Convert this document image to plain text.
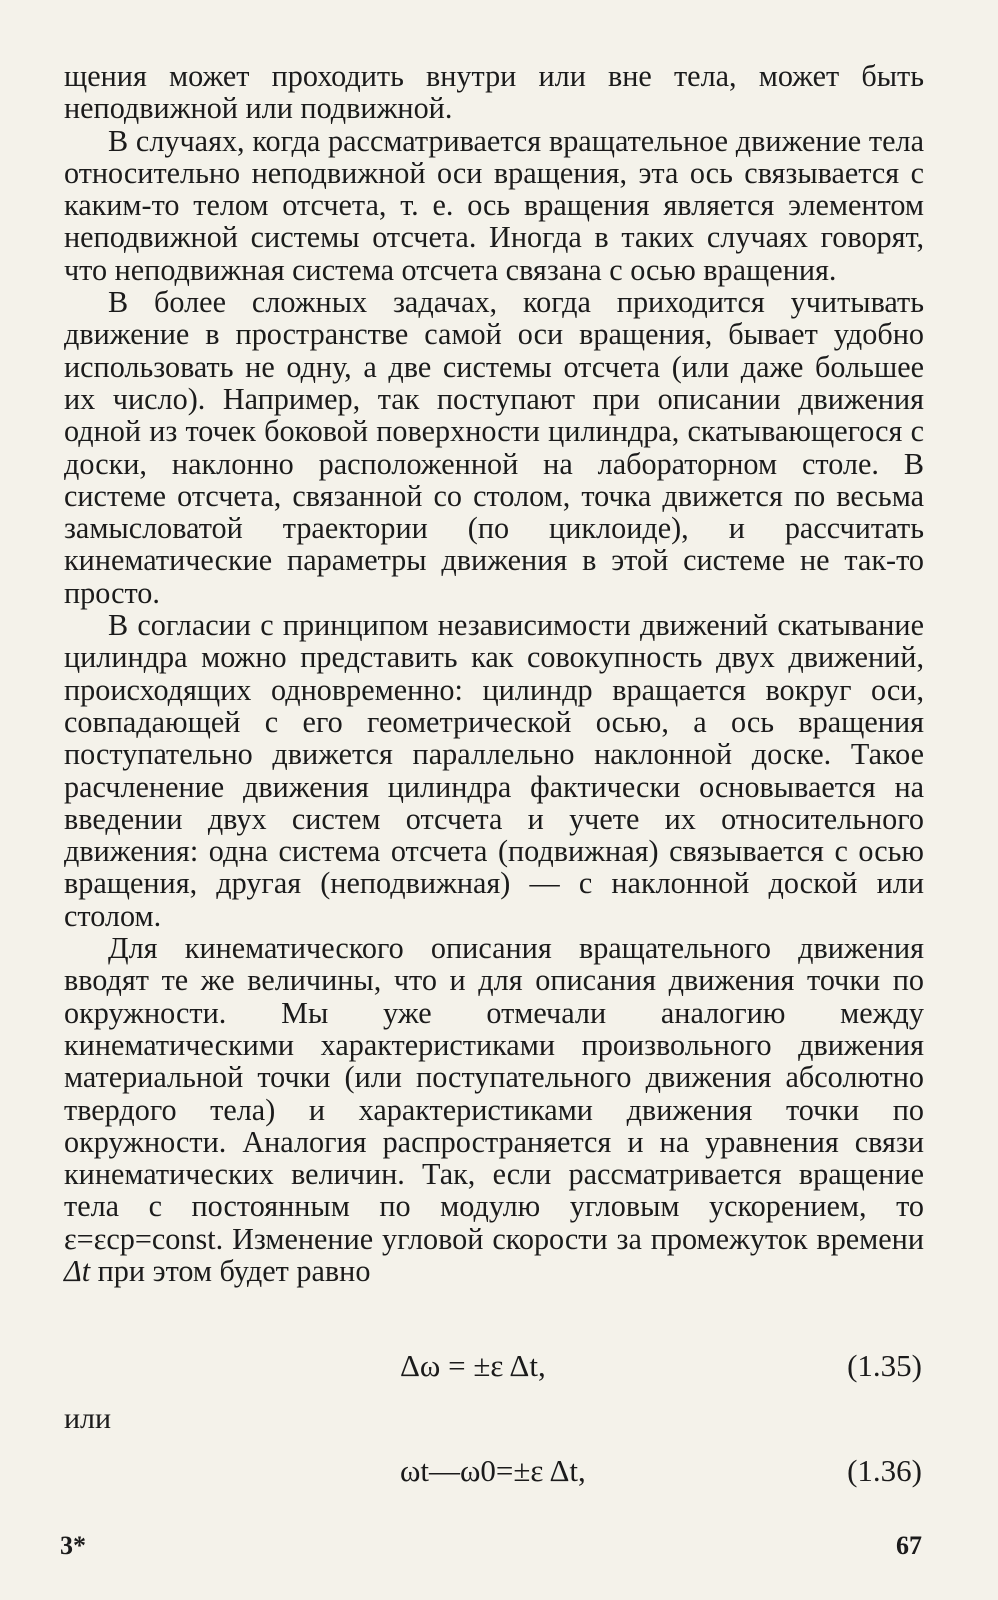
щения может проходить внутри или вне тела, может быть неподвижной или подвижной.

В случаях, когда рассматривается вращательное движение тела относительно неподвижной оси вращения, эта ось связывается с каким-то телом отсчета, т. е. ось вращения является элементом неподвижной системы отсчета. Иногда в таких случаях говорят, что неподвижная система отсчета связана с осью вращения.

В более сложных задачах, когда приходится учитывать движение в пространстве самой оси вращения, бывает удобно использовать не одну, а две системы отсчета (или даже большее их число). Например, так поступают при описании движения одной из точек боковой поверхности цилиндра, скатывающегося с доски, наклонно расположенной на лабораторном столе. В системе отсчета, связанной со столом, точка движется по весьма замысловатой траектории (по циклоиде), и рассчитать кинематические параметры движения в этой системе не так-то просто.

В согласии с принципом независимости движений скатывание цилиндра можно представить как совокупность двух движений, происходящих одновременно: цилиндр вращается вокруг оси, совпадающей с его геометрической осью, а ось вращения поступательно движется параллельно наклонной доске. Такое расчленение движения цилиндра фактически основывается на введении двух систем отсчета и учете их относительного движения: одна система отсчета (подвижная) связывается с осью вращения, другая (неподвижная) — с наклонной доской или столом.

Для кинематического описания вращательного движения вводят те же величины, что и для описания движения точки по окружности. Мы уже отмечали аналогию между кинематическими характеристиками произвольного движения материальной точки (или поступательного движения абсолютно твердого тела) и характеристиками движения точки по окружности. Аналогия распространяется и на уравнения связи кинематических величин. Так, если рассматривается вращение тела с постоянным по модулю угловым ускорением, то ε=εср=const. Изменение угловой скорости за промежуток времени Δt при этом будет равно

Δω = ±ε Δt,	(1.35)
или
ωt—ω0=±ε Δt,	(1.36)
3*	67
